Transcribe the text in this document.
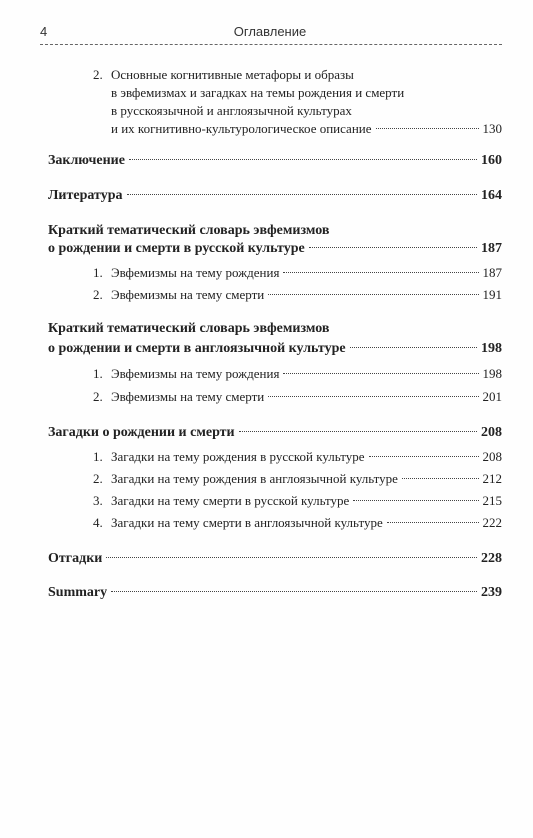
4	Оглавление
2. Основные когнитивные метафоры и образы
в эвфемизмах и загадках на темы рождения и смерти
в русскоязычной и англоязычной культурах
и их когнитивно-культурологическое описание	130
Заключение	160
Литература	164
Краткий тематический словарь эвфемизмов
о рождении и смерти в русской культуре	187
1. Эвфемизмы на тему рождения	187
2. Эвфемизмы на тему смерти	191
Краткий тематический словарь эвфемизмов
о рождении и смерти в англоязычной культуре	198
1. Эвфемизмы на тему рождения	198
2. Эвфемизмы на тему смерти	201
Загадки о рождении и смерти	208
1. Загадки на тему рождения в русской культуре	208
2. Загадки на тему рождения в англоязычной культуре	212
3. Загадки на тему смерти в русской культуре	215
4. Загадки на тему смерти в англоязычной культуре	222
Отгадки	228
Summary	239
